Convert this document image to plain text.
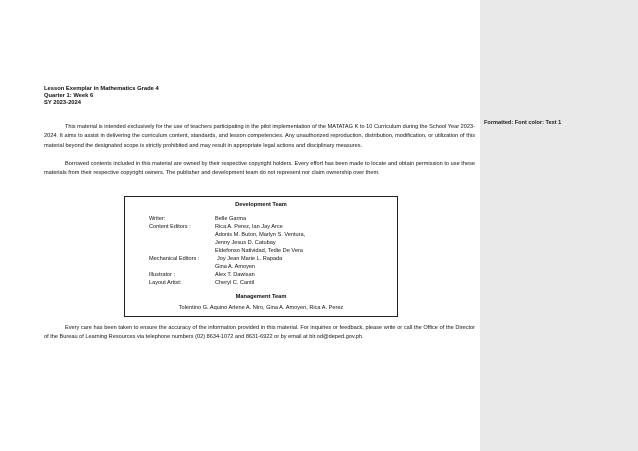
Lesson Exemplar in Mathematics Grade 4
Quarter 1: Week 6
SY 2023-2024
This material is intended exclusively for the use of teachers participating in the pilot implementation of the MATATAG K to 10 Curriculum during the School Year 2023-2024. It aims to assist in delivering the curriculum content, standards, and lesson competencies. Any unauthorized reproduction, distribution, modification, or utilization of this material beyond the designated scope is strictly prohibited and may result in appropriate legal actions and disciplinary measures.
Borrowed contents included in this material are owned by their respective copyright holders. Every effort has been made to locate and obtain permission to use these materials from their respective copyright owners. The publisher and development team do not represent nor claim ownership over them.
Development Team
Writer:	Belle Garma
Content Editors :	Rica A. Perez, Ian Jay Arce
Adonis M. Buton, Marlyn S. Ventura,
Jenny Jesus D. Catubay
Eldefonso Natividad, Tedie De Vera
Mechanical Editors :	Joy Jean Marie L. Rapada
Gina A. Amoyen
Illustrator :	Alex T. Dawisan
Layout Artist:	Cheryl C. Cantil
Management Team
Tolentino G. Aquino Arlene A. Niro, Gina A. Amoyen, Rica A. Perez
Every care has been taken to ensure the accuracy of the information provided in this material. For inquiries or feedback, please write or call the Office of the Director of the Bureau of Learning Resources via telephone numbers (02) 8634-1072 and 8631-6922 or by email at blr.od@deped.gov.ph.
Formatted: Font color: Text 1
